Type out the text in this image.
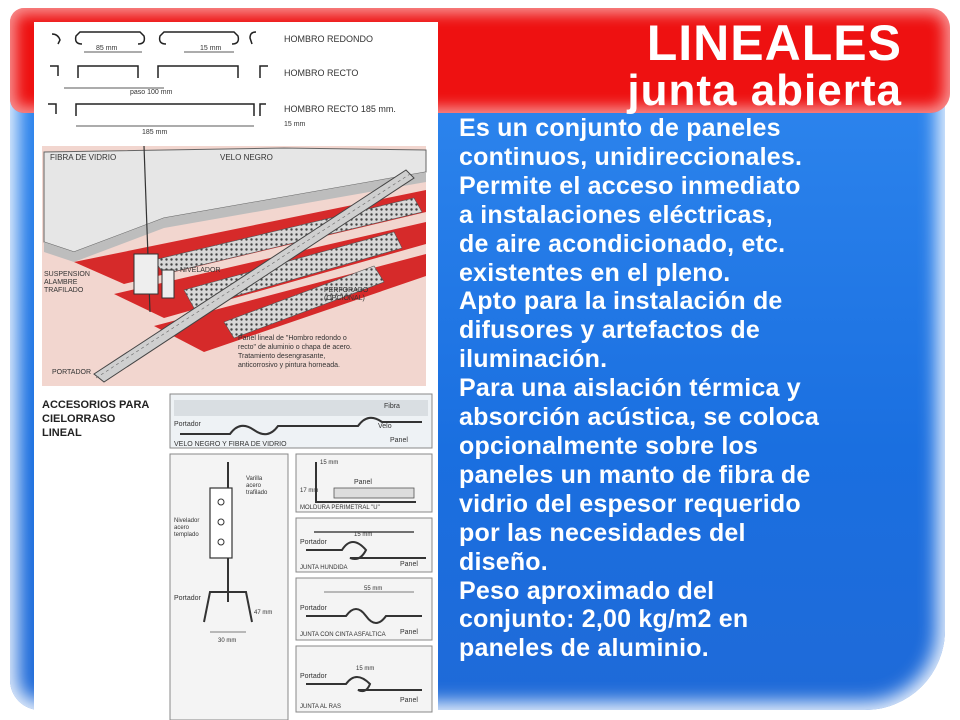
LINEALES
junta abierta
Es un conjunto de paneles
continuos, unidireccionales.
Permite el acceso inmediato
a instalaciones eléctricas,
de aire acondicionado, etc.
existentes en el pleno.
Apto para la instalación de
difusores y artefactos de
iluminación.
Para una aislación térmica y
absorción acústica, se coloca
opcionalmente sobre los
paneles un manto de fibra de
vidrio del espesor requerido
por las necesidades del
diseño.
Peso aproximado del
conjunto: 2,00 kg/m2 en
paneles de aluminio.
85 mm	15 mm
HOMBRO REDONDO
paso 100 mm
HOMBRO RECTO
185 mm
HOMBRO RECTO 185 mm.
15 mm
FIBRA DE VIDRIO	VELO NEGRO
SUSPENSION
ALAMBRE
TRAFILADO
NIVELADOR
PERFORADO
(OPCIONAL)
Panel lineal de "Hombro redondo o
recto" de aluminio o chapa de acero.
Tratamiento desengrasante,
anticorrosivo y pintura horneada.
PORTADOR
ACCESORIOS PARA
CIELORRASO
LINEAL
Fibra
Portador	Velo
Panel
VELO NEGRO Y FIBRA DE VIDRIO
Varilla
acero
trafilado
Nivelador
acero
templado
Portador
47 mm
30 mm
15 mm
17 mm
Panel
MOLDURA PERIMETRAL "U"
Portador
15 mm
Panel
JUNTA HUNDIDA
55 mm
Portador
Panel
JUNTA CON CINTA ASFALTICA
Portador
15 mm
Panel
JUNTA AL RAS
